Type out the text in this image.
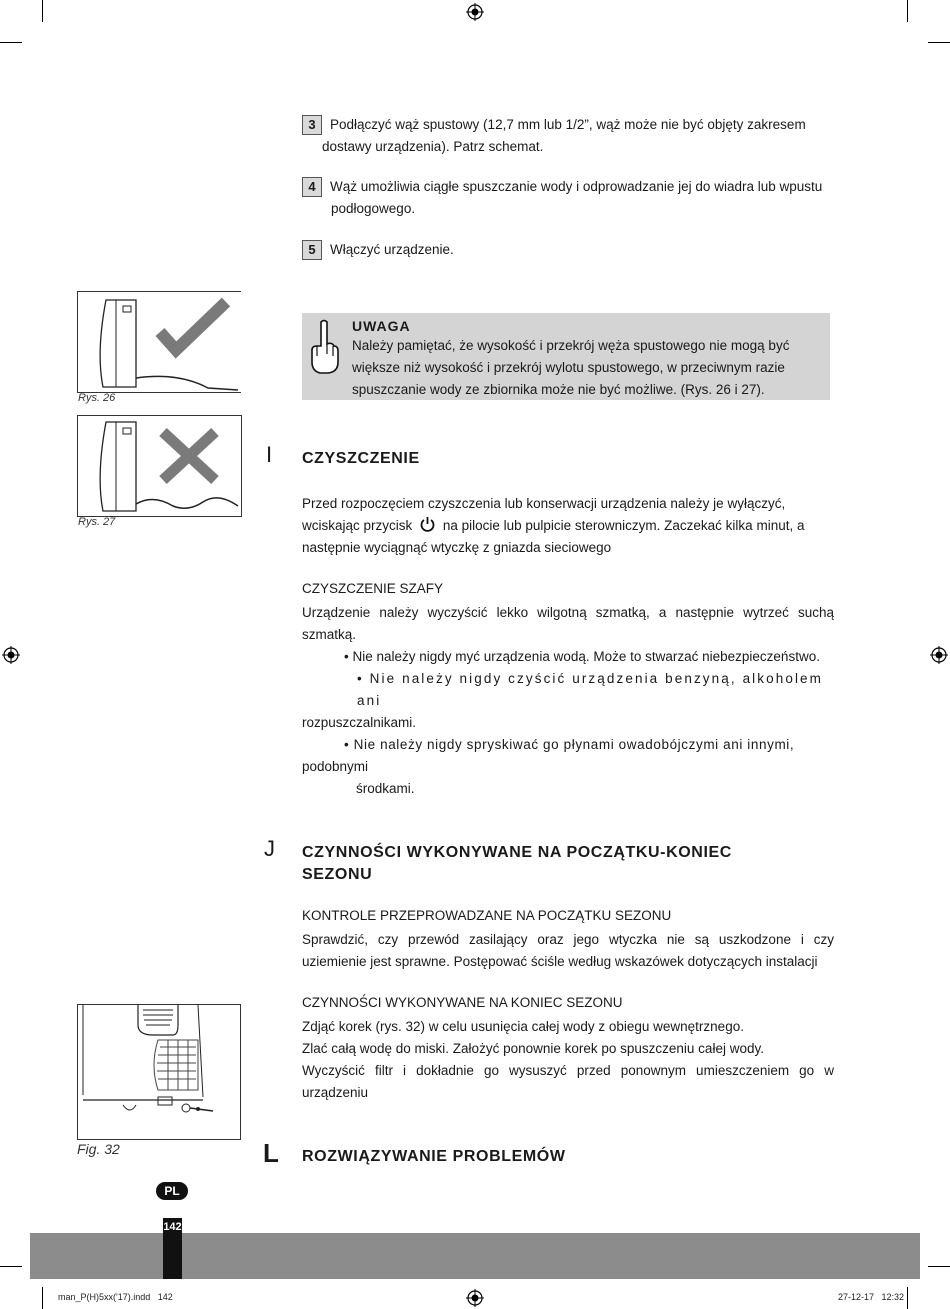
3 Podłączyć wąż spustowy (12,7 mm lub 1/2”, wąż może nie być objęty zakresem
dostawy urządzenia). Patrz schemat.
4 Wąż umożliwia ciągłe spuszczanie wody i odprowadzanie jej do wiadra lub wpustu
podłogowego.
5 Włączyć urządzenie.
Rys. 26
Rys. 27
UWAGA
Należy pamiętać, że wysokość i przekrój węża spustowego nie mogą być
większe niż wysokość i przekrój wylotu spustowego, w przeciwnym razie
spuszczanie wody ze zbiornika może nie być możliwe. (Rys. 26 i 27).
I CZYSZCZENIE
Przed rozpoczęciem czyszczenia lub konserwacji urządzenia należy je wyłączyć,
wciskając przycisk na pilocie lub pulpicie sterowniczym. Zaczekać kilka minut, a
następnie wyciągnąć wtyczkę z gniazda sieciowego
CZYSZCZENIE SZAFY
Urządzenie należy wyczyścić lekko wilgotną szmatką, a następnie wytrzeć suchą
szmatką.
• Nie należy nigdy myć urządzenia wodą. Może to stwarzać niebezpieczeństwo.
• Nie należy nigdy czyścić urządzenia benzyną, alkoholem ani
rozpuszczalnikami.
• Nie należy nigdy spryskiwać go płynami owadobójczymi ani innymi,
podobnymi
środkami.
J CZYNNOŚCI WYKONYWANE NA POCZĄTKU-KONIEC
SEZONU
KONTROLE PRZEPROWADZANE NA POCZĄTKU SEZONU
Sprawdzić, czy przewód zasilający oraz jego wtyczka nie są uszkodzone i czy
uziemienie jest sprawne. Postępować ściśle według wskazówek dotyczących instalacji
CZYNNOŚCI WYKONYWANE NA KONIEC SEZONU
Zdjąć korek (rys. 32) w celu usunięcia całej wody z obiegu wewnętrznego.
Zlać całą wodę do miski. Założyć ponownie korek po spuszczeniu całej wody.
Wyczyścić filtr i dokładnie go wysuszyć przed ponownym umieszczeniem go w
urządzeniu
Fig. 32	L ROZWIĄZYWANIE PROBLEMÓW
PL
142
man_P(H)5xx('17).indd   142	27-12-17   12:32
